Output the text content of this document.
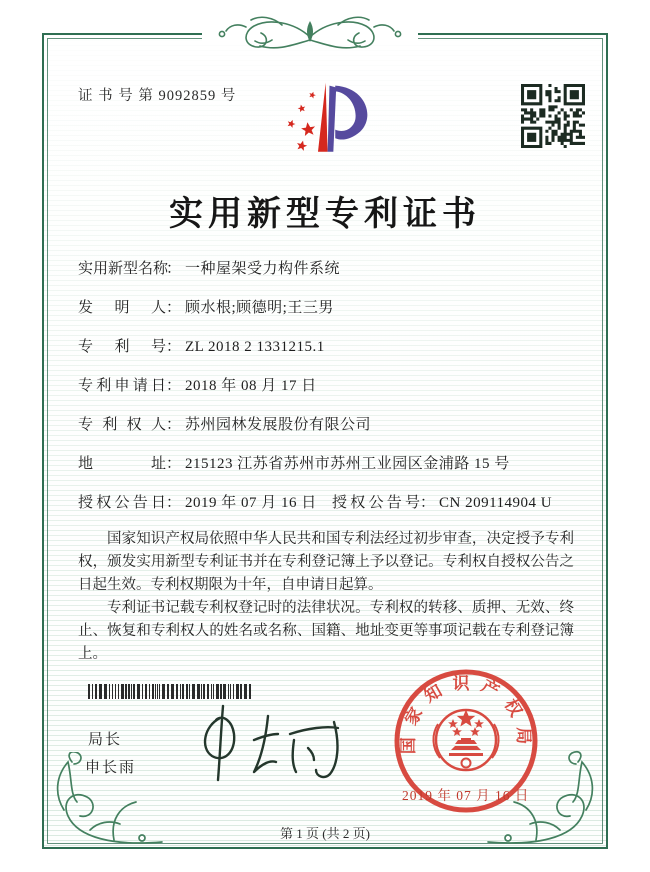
证 书 号 第 9092859 号
实用新型专利证书
实用新型名称： 一种屋架受力构件系统
发明人： 顾水根;顾德明;王三男
专利号： ZL 2018 2 1331215.1
专利申请日： 2018 年 08 月 17 日
专利权人： 苏州园林发展股份有限公司
地址： 215123 江苏省苏州市苏州工业园区金浦路 15 号
授权公告日： 2019 年 07 月 16 日 授权公告号： CN 209114904 U

国家知识产权局依照中华人民共和国专利法经过初步审查，决定授予专利权，颁发实用新型专利证书并在专利登记簿上予以登记。专利权自授权公告之日起生效。专利权期限为十年，自申请日起算。

专利证书记载专利权登记时的法律状况。专利权的转移、质押、无效、终止、恢复和专利权人的姓名或名称、国籍、地址变更等事项记载在专利登记簿上。

局长
申长雨
国家知识产权局
2019 年 07 月 16 日
第 1 页 (共 2 页)
